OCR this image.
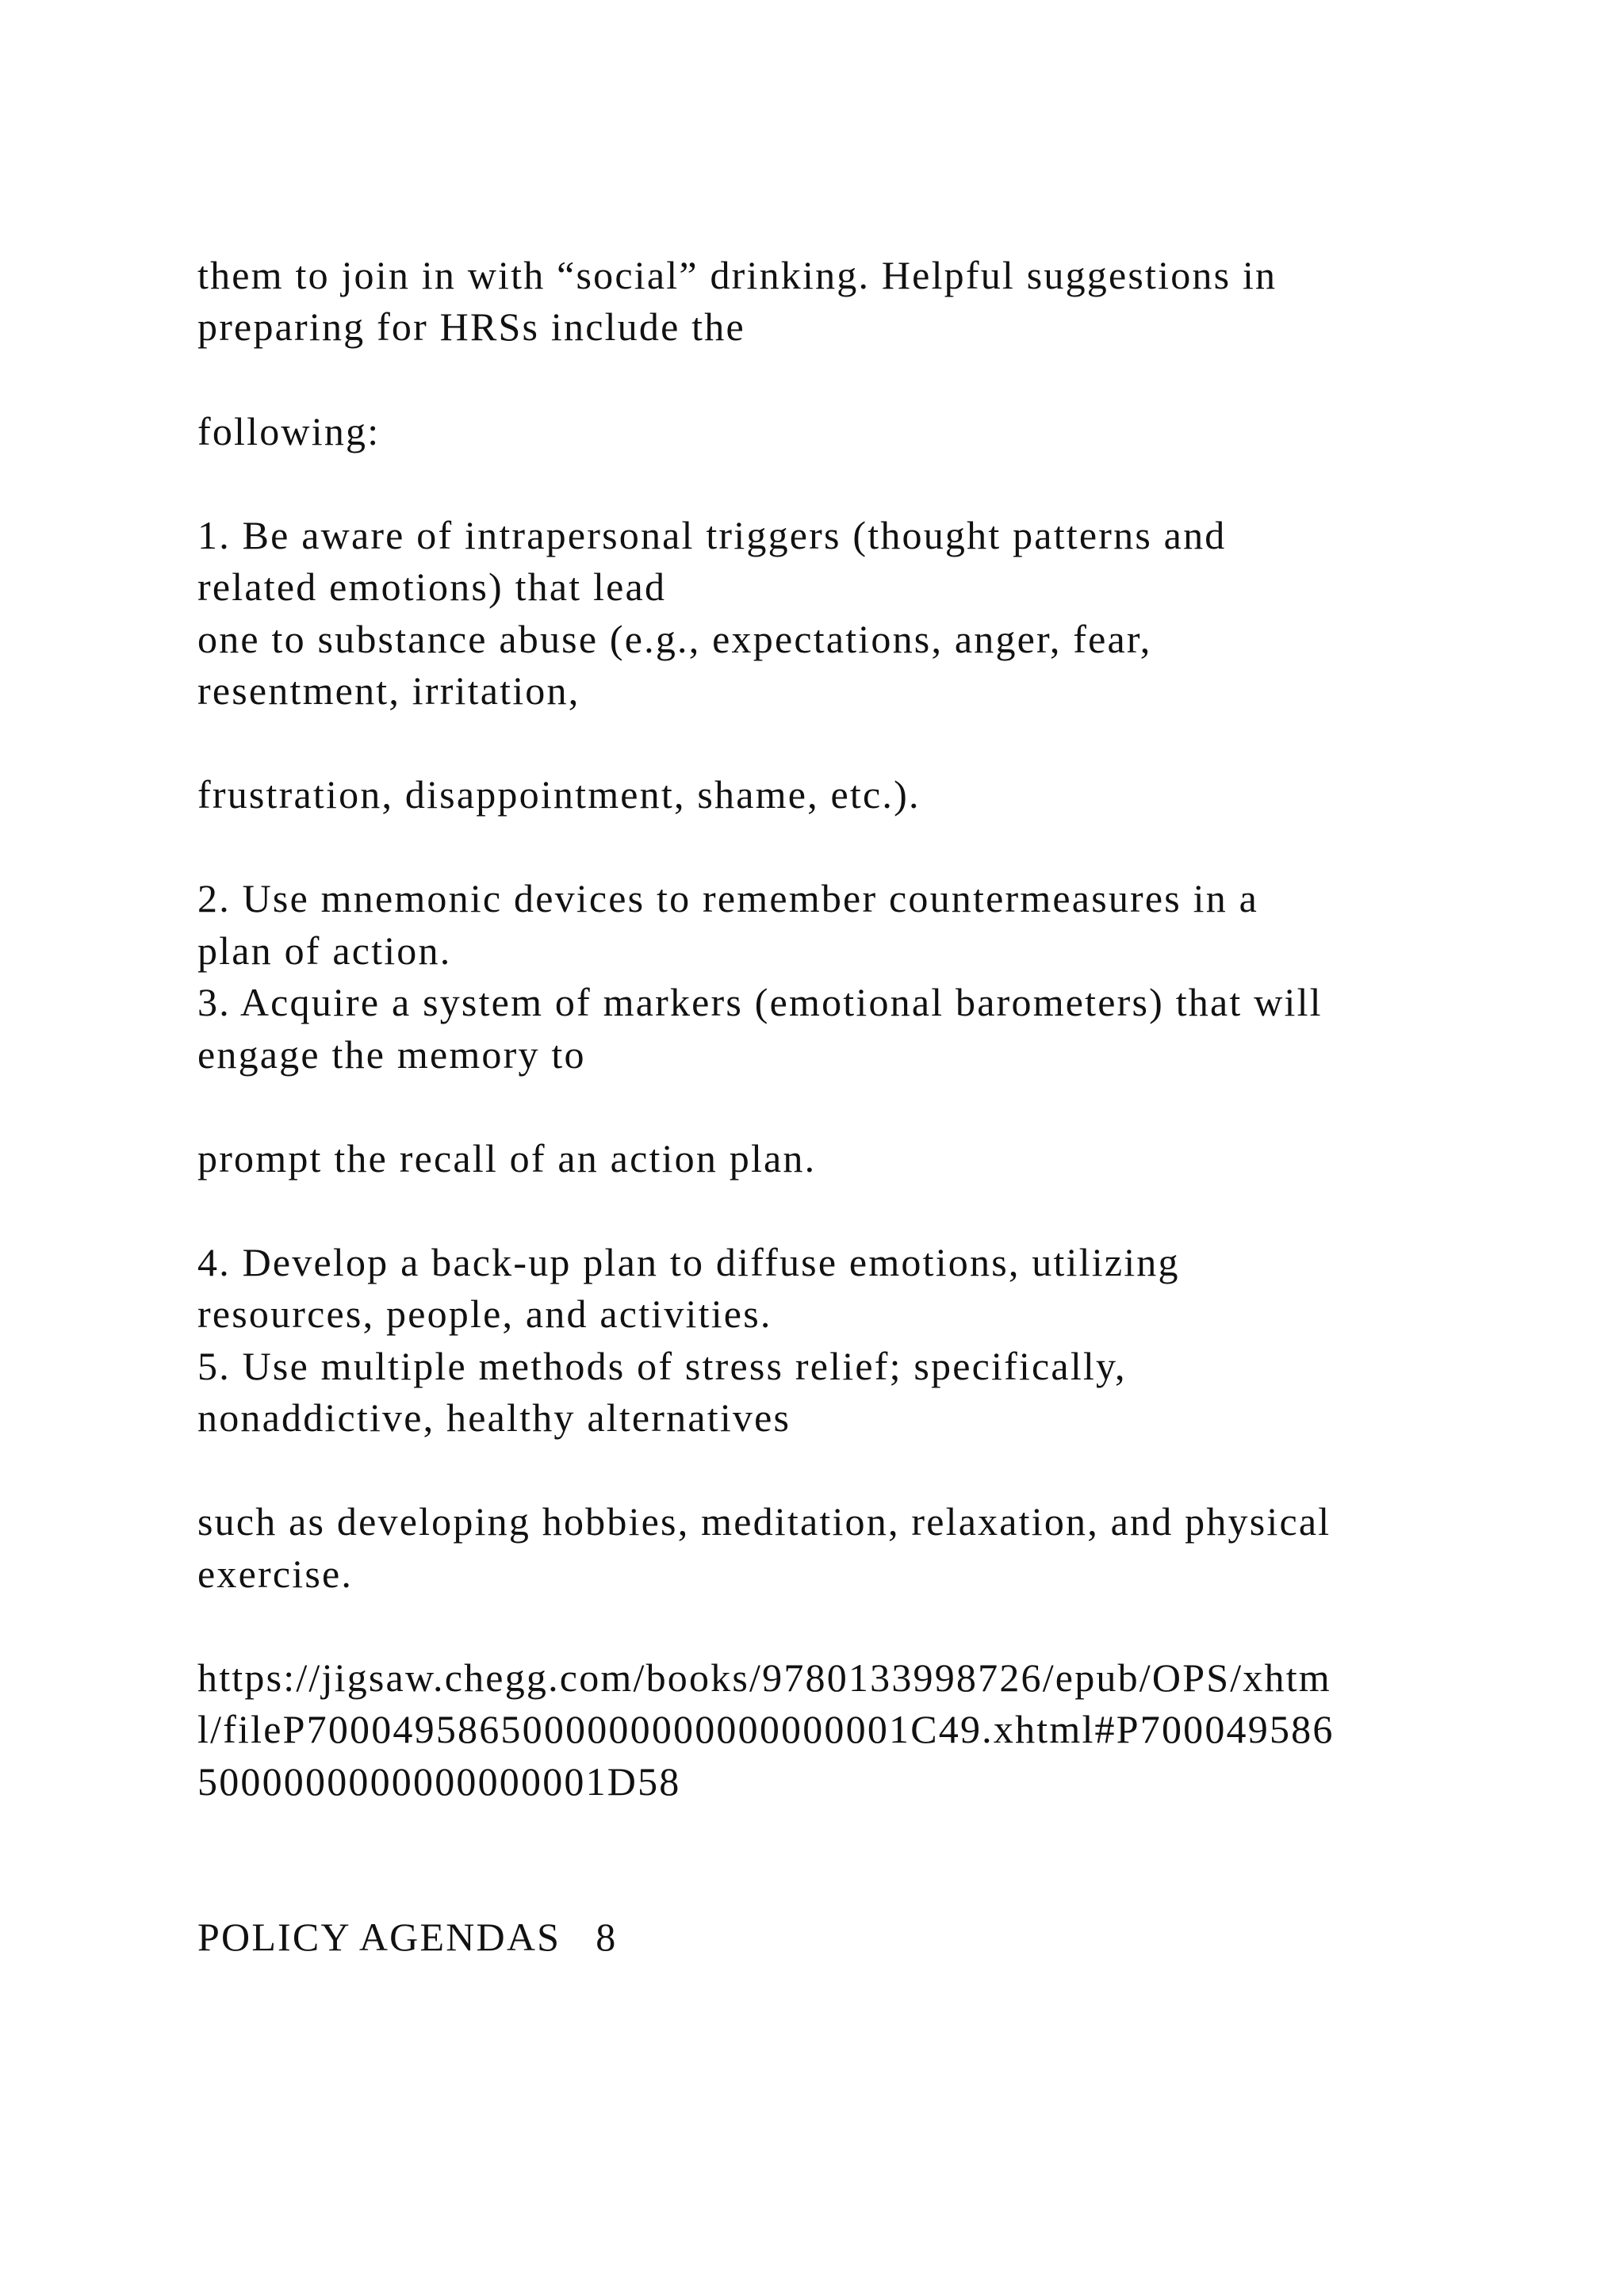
them to join in with “social” drinking. Helpful suggestions in

preparing for HRSs include the

following:

1. Be aware of intrapersonal triggers (thought patterns and

related emotions) that lead

one to substance abuse (e.g., expectations, anger, fear,

resentment, irritation,

frustration, disappointment, shame, etc.).

2. Use mnemonic devices to remember countermeasures in a

plan of action.

3. Acquire a system of markers (emotional barometers) that will

engage the memory to

prompt the recall of an action plan.

4. Develop a back-up plan to diffuse emotions, utilizing

resources, people, and activities.

5. Use multiple methods of stress relief; specifically,

nonaddictive, healthy alternatives

such as developing hobbies, meditation, relaxation, and physical

exercise.

https://jigsaw.chegg.com/books/9780133998726/epub/OPS/xhtm

l/fileP7000495865000000000000000001C49.xhtml#P700049586

5000000000000000001D58

POLICY AGENDAS   8
